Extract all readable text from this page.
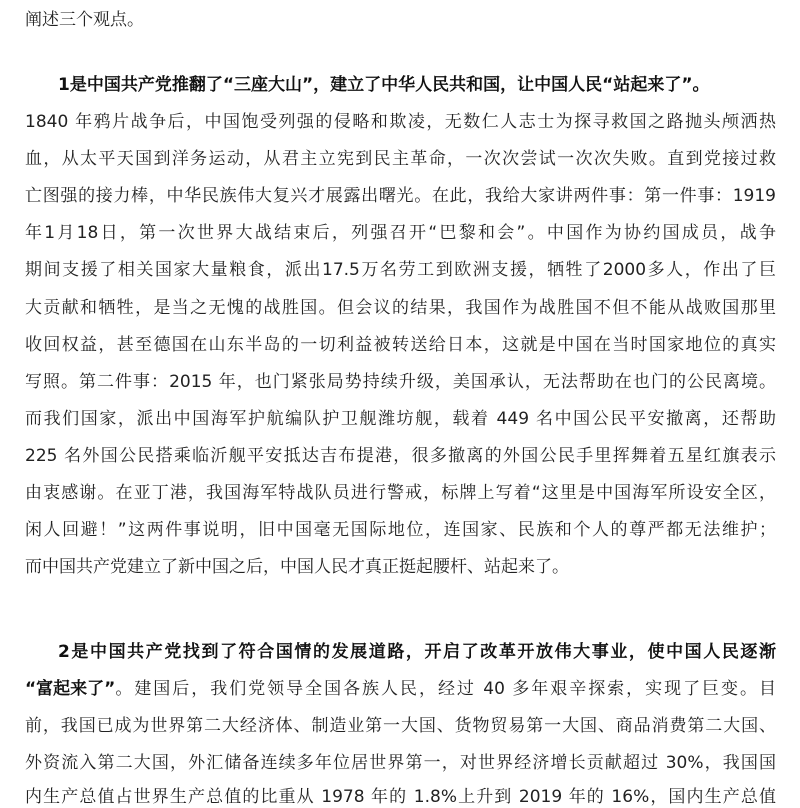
阐述三个观点。
1是中国共产党推翻了“三座大山”，建立了中华人民共和国，让中国人民“站起来了”。
1840 年鸦片战争后，中国饱受列强的侵略和欺凌，无数仁人志士为探寻救国之路抛头颅洒热
血，从太平天国到洋务运动，从君主立宪到民主革命，一次次尝试一次次失败。直到党接过救
亡图强的接力棒，中华民族伟大复兴才展露出曙光。在此，我给大家讲两件事：第一件事：1919
年1月18日，第一次世界大战结束后，列强召开“巴黎和会”。中国作为协约国成员，战争
期间支援了相关国家大量粮食，派出17.5万名劳工到欧洲支援，牺牲了2000多人，作出了巨
大贡献和牺牲，是当之无愧的战胜国。但会议的结果，我国作为战胜国不但不能从战败国那里
收回权益，甚至德国在山东半岛的一切利益被转送给日本，这就是中国在当时国家地位的真实
写照。第二件事：2015 年，也门紧张局势持续升级，美国承认，无法帮助在也门的公民离境。
而我们国家，派出中国海军护航编队护卫舰潍坊舰，载着 449 名中国公民平安撤离，还帮助
225 名外国公民搭乘临沂舰平安抵达吉布提港，很多撤离的外国公民手里挥舞着五星红旗表示
由衷感谢。在亚丁港，我国海军特战队员进行警戒，标牌上写着“这里是中国海军所设安全区，
闲人回避！”这两件事说明，旧中国毫无国际地位，连国家、民族和个人的尊严都无法维护；
而中国共产党建立了新中国之后，中国人民才真正挺起腰杆、站起来了。
2是中国共产党找到了符合国情的发展道路，开启了改革开放伟大事业，使中国人民逐渐
“富起来了” 。建国后，我们党领导全国各族人民，经过 40 多年艰辛探索，实现了巨变。目
前，我国已成为世界第二大经济体、制造业第一大国、货物贸易第一大国、商品消费第二大国、
外资流入第二大国，外汇储备连续多年位居世界第一，对世界经济增长贡献超过 30%，我国国
内生产总值占世界生产总值的比重从 1978 年的 1.8%上升到 2019 年的 16%，国内生产总值
